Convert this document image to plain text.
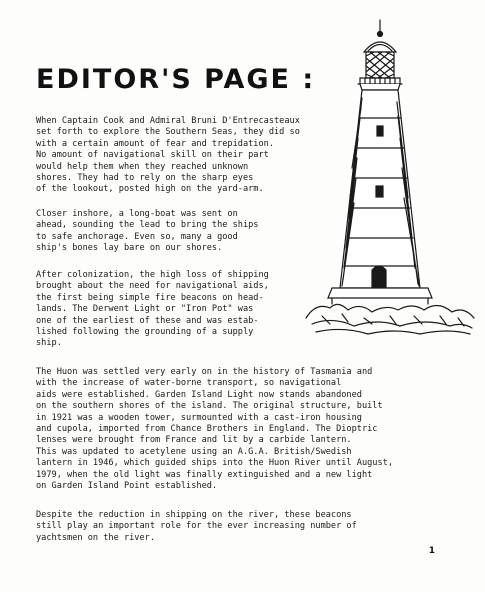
EDITOR'S PAGE :

When Captain Cook and Admiral Bruni D'Entrecasteaux
set forth to explore the Southern Seas, they did so
with a certain amount of fear and trepidation.
No amount of navigational skill on their part
would help them when they reached unknown
shores. They had to rely on the sharp eyes
of the lookout, posted high on the yard-arm.

Closer inshore, a long-boat was sent on
ahead, sounding the lead to bring the ships
to safe anchorage. Even so, many a good
ship's bones lay bare on our shores.

After colonization, the high loss of shipping
brought about the need for navigational aids,
the first being simple fire beacons on head-
lands. The Derwent Light or "Iron Pot" was
one of the earliest of these and was estab-
lished following the grounding of a supply
ship.

The Huon was settled very early on in the history of Tasmania and
with the increase of water-borne transport, so navigational
aids were established. Garden Island Light now stands abandoned
on the southern shores of the island. The original structure, built
in 1921 was a wooden tower, surmounted with a cast-iron housing
and cupola, imported from Chance Brothers in England. The Dioptric
lenses were brought from France and lit by a carbide lantern.
This was updated to acetylene using an A.G.A. British/Swedish
lantern in 1946, which guided ships into the Huon River until August,
1979, when the old light was finally extinguished and a new light
on Garden Island Point established.

Despite the reduction in shipping on the river, these beacons
still play an important role for the ever increasing number of
yachtsmen on the river.

1
